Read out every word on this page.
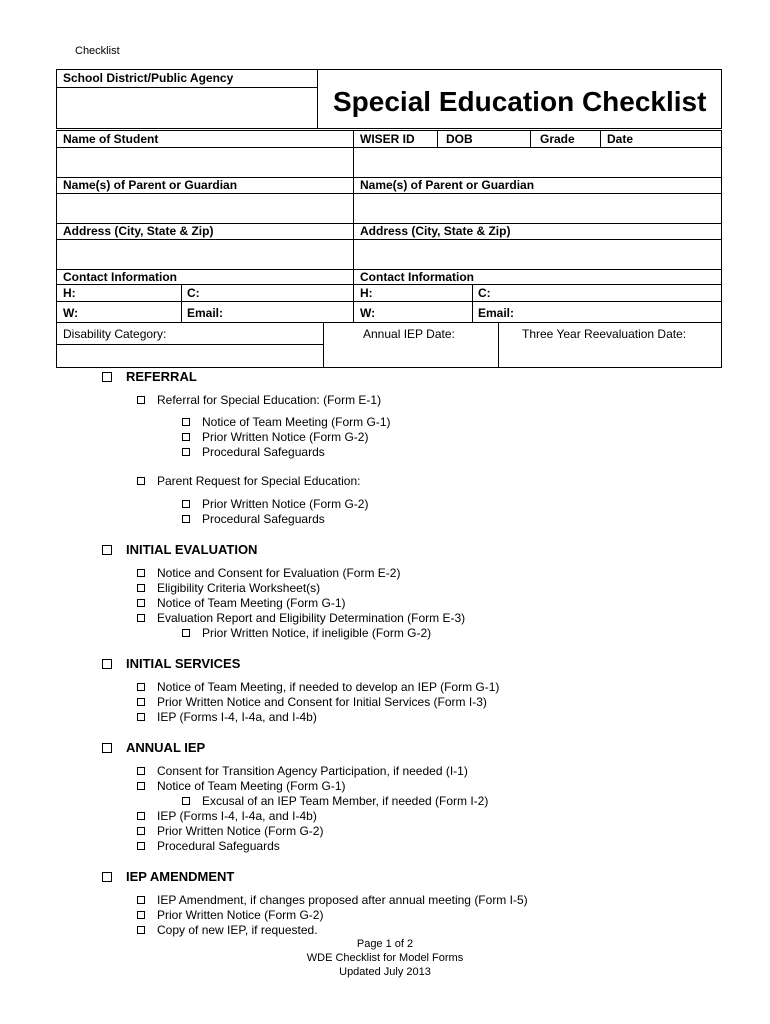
Checklist
School District/Public Agency
Special Education Checklist
Name of Student	WISER ID	DOB	Grade	Date
Name(s) of Parent or Guardian	Name(s) of Parent or Guardian
Address (City, State & Zip)	Address (City, State & Zip)
Contact Information	Contact Information
H:	C:	H:	C:
W:	Email:	W:	Email:
Disability Category:	Annual IEP Date:	Three Year Reevaluation Date:
REFERRAL
Referral for Special Education: (Form E-1)
Notice of Team Meeting (Form G-1)
Prior Written Notice (Form G-2)
Procedural Safeguards
Parent Request for Special Education:
Prior Written Notice (Form G-2)
Procedural Safeguards
INITIAL EVALUATION
Notice and Consent for Evaluation (Form E-2)
Eligibility Criteria Worksheet(s)
Notice of Team Meeting (Form G-1)
Evaluation Report and Eligibility Determination (Form E-3)
Prior Written Notice, if ineligible (Form G-2)
INITIAL SERVICES
Notice of Team Meeting, if needed to develop an IEP (Form G-1)
Prior Written Notice and Consent for Initial Services (Form I-3)
IEP (Forms I-4, I-4a, and I-4b)
ANNUAL IEP
Consent for Transition Agency Participation, if needed (I-1)
Notice of Team Meeting (Form G-1)
Excusal of an IEP Team Member, if needed (Form I-2)
IEP (Forms I-4, I-4a, and I-4b)
Prior Written Notice (Form G-2)
Procedural Safeguards
IEP AMENDMENT
IEP Amendment, if changes proposed after annual meeting (Form I-5)
Prior Written Notice (Form G-2)
Copy of new IEP, if requested.
Page 1 of 2
WDE Checklist for Model Forms
Updated July 2013
